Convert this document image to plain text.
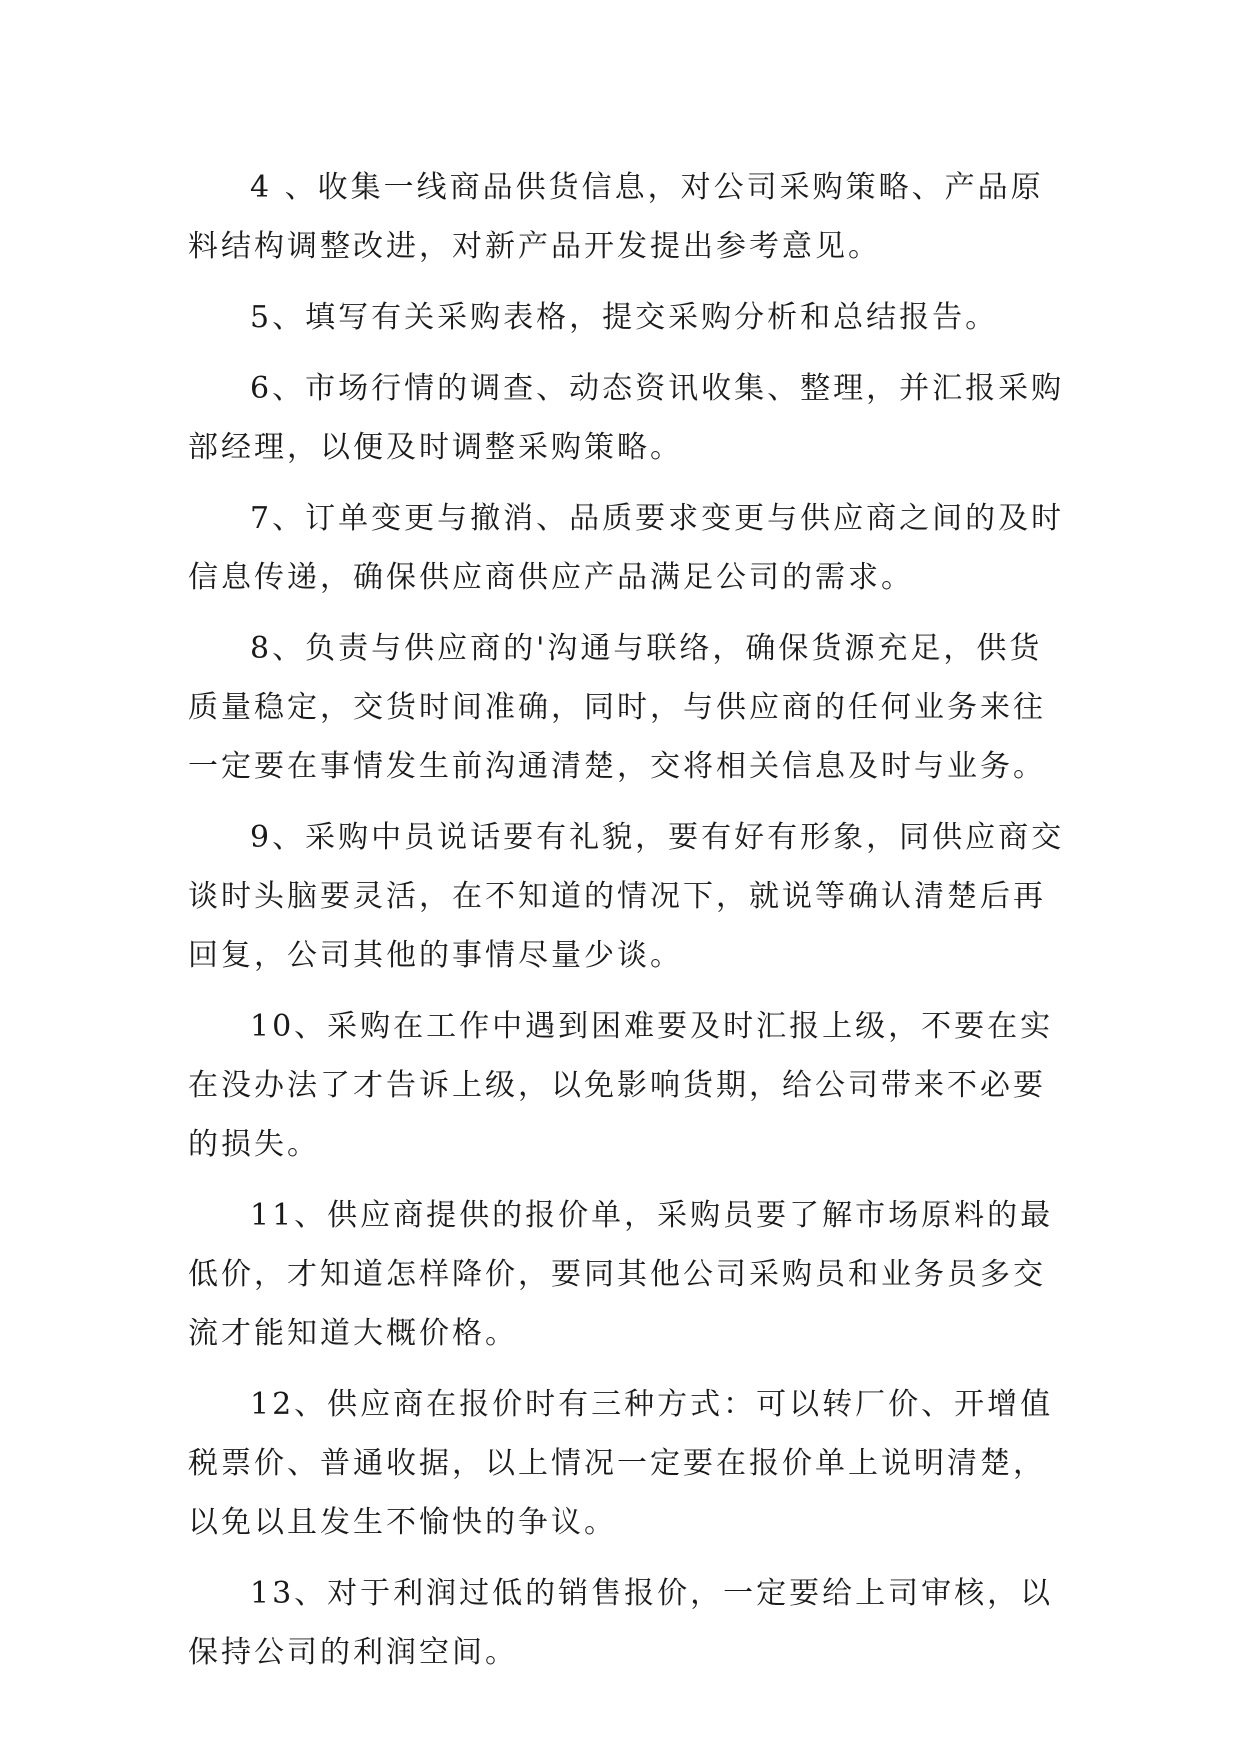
4 、收集一线商品供货信息，对公司采购策略、产品原料结构调整改进，对新产品开发提出参考意见。

5、填写有关采购表格，提交采购分析和总结报告。

6、市场行情的调查、动态资讯收集、整理，并汇报采购部经理，以便及时调整采购策略。

7、订单变更与撤消、品质要求变更与供应商之间的及时信息传递，确保供应商供应产品满足公司的需求。

8、负责与供应商的'沟通与联络，确保货源充足，供货质量稳定，交货时间准确，同时，与供应商的任何业务来往一定要在事情发生前沟通清楚，交将相关信息及时与业务。

9、采购中员说话要有礼貌，要有好有形象，同供应商交谈时头脑要灵活，在不知道的情况下，就说等确认清楚后再回复，公司其他的事情尽量少谈。

10、采购在工作中遇到困难要及时汇报上级，不要在实在没办法了才告诉上级，以免影响货期，给公司带来不必要的损失。

11、供应商提供的报价单，采购员要了解市场原料的最低价，才知道怎样降价，要同其他公司采购员和业务员多交流才能知道大概价格。

12、供应商在报价时有三种方式：可以转厂价、开增值税票价、普通收据，以上情况一定要在报价单上说明清楚，以免以且发生不愉快的争议。

13、对于利润过低的销售报价，一定要给上司审核，以保持公司的利润空间。
